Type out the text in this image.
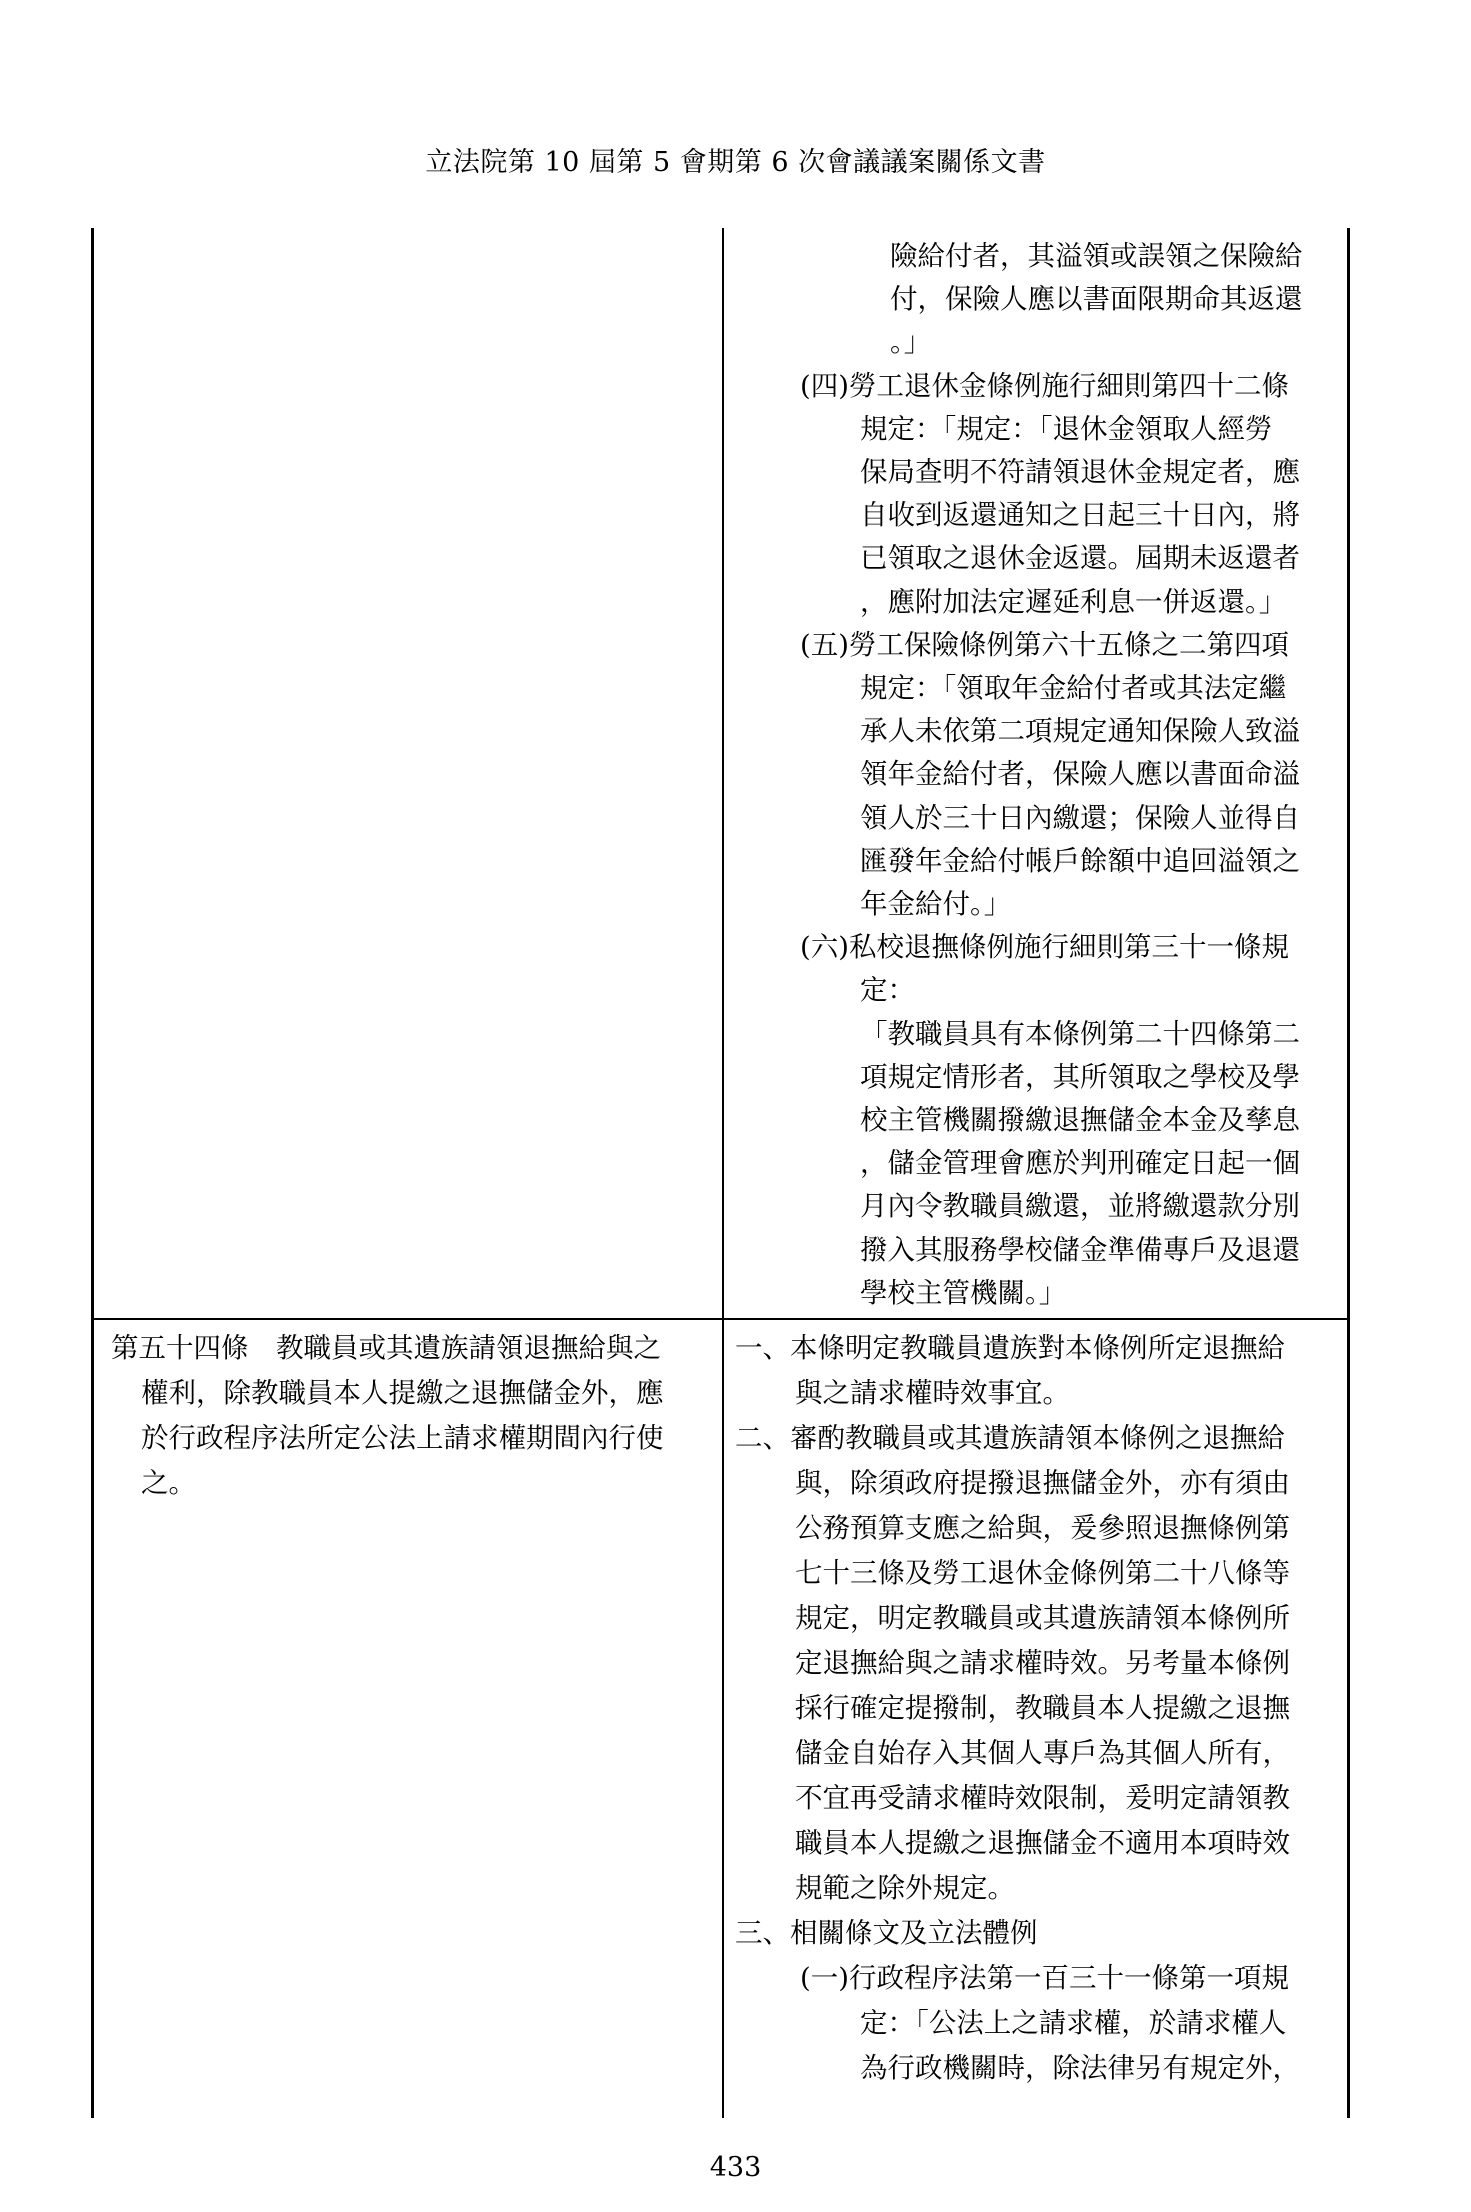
立法院第 10 屆第 5 會期第 6 次會議議案關係文書
險給付者，其溢領或誤領之保險給
付，保險人應以書面限期命其返還
。」
(四)勞工退休金條例施行細則第四十二條
規定：「規定：「退休金領取人經勞
保局查明不符請領退休金規定者，應
自收到返還通知之日起三十日內，將
已領取之退休金返還。屆期未返還者
，應附加法定遲延利息一併返還。」
(五)勞工保險條例第六十五條之二第四項
規定：「領取年金給付者或其法定繼
承人未依第二項規定通知保險人致溢
領年金給付者，保險人應以書面命溢
領人於三十日內繳還；保險人並得自
匯發年金給付帳戶餘額中追回溢領之
年金給付。」
(六)私校退撫條例施行細則第三十一條規
定：
「教職員具有本條例第二十四條第二
項規定情形者，其所領取之學校及學
校主管機關撥繳退撫儲金本金及孳息
，儲金管理會應於判刑確定日起一個
月內令教職員繳還，並將繳還款分別
撥入其服務學校儲金準備專戶及退還
學校主管機關。」
第五十四條　教職員或其遺族請領退撫給與之
權利，除教職員本人提繳之退撫儲金外，應
於行政程序法所定公法上請求權期間內行使
之。
一、本條明定教職員遺族對本條例所定退撫給
與之請求權時效事宜。
二、審酌教職員或其遺族請領本條例之退撫給
與，除須政府提撥退撫儲金外，亦有須由
公務預算支應之給與，爰參照退撫條例第
七十三條及勞工退休金條例第二十八條等
規定，明定教職員或其遺族請領本條例所
定退撫給與之請求權時效。另考量本條例
採行確定提撥制，教職員本人提繳之退撫
儲金自始存入其個人專戶為其個人所有，
不宜再受請求權時效限制，爰明定請領教
職員本人提繳之退撫儲金不適用本項時效
規範之除外規定。
三、相關條文及立法體例
(一)行政程序法第一百三十一條第一項規
定：「公法上之請求權，於請求權人
為行政機關時，除法律另有規定外，
433
